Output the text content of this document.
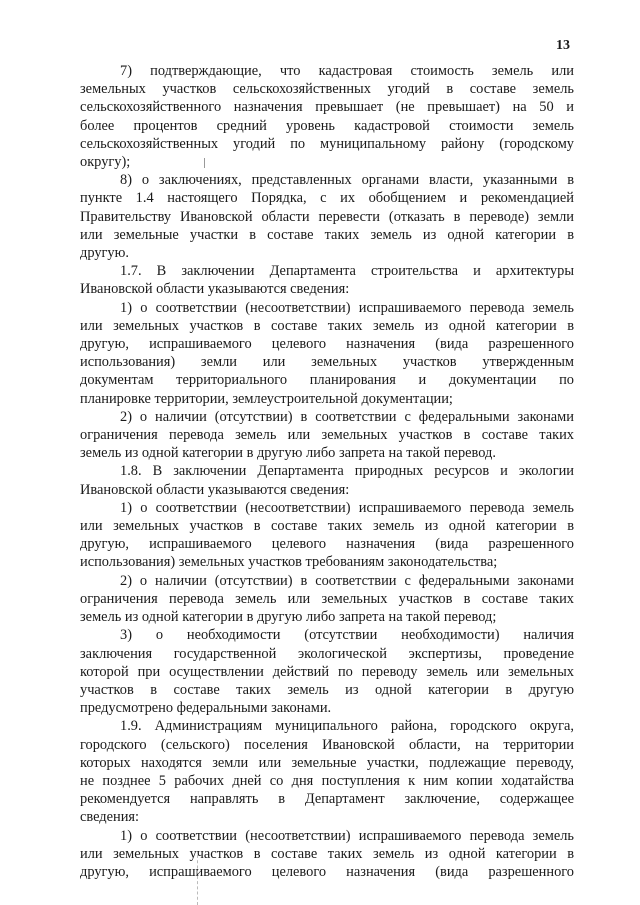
13

7) подтверждающие, что кадастровая стоимость земель или
земельных участков сельскохозяйственных угодий в составе земель
сельскохозяйственного назначения превышает (не превышает) на 50 и
более процентов средний уровень кадастровой стоимости земель
сельскохозяйственных угодий по муниципальному району (городскому
округу);

8) о заключениях, представленных органами власти, указанными в
пункте 1.4 настоящего Порядка, с их обобщением и рекомендацией
Правительству Ивановской области перевести (отказать в переводе) земли
или земельные участки в составе таких земель из одной категории в
другую.

1.7. В заключении Департамента строительства и архитектуры
Ивановской области указываются сведения:

1) о соответствии (несоответствии) испрашиваемого перевода земель
или земельных участков в составе таких земель из одной категории в
другую, испрашиваемого целевого назначения (вида разрешенного
использования) земли или земельных участков утвержденным
документам территориального планирования и документации по
планировке территории, землеустроительной документации;

2) о наличии (отсутствии) в соответствии с федеральными законами
ограничения перевода земель или земельных участков в составе таких
земель из одной категории в другую либо запрета на такой перевод.

1.8. В заключении Департамента природных ресурсов и экологии
Ивановской области указываются сведения:

1) о соответствии (несоответствии) испрашиваемого перевода земель
или земельных участков в составе таких земель из одной категории в
другую, испрашиваемого целевого назначения (вида разрешенного
использования) земельных участков требованиям законодательства;

2) о наличии (отсутствии) в соответствии с федеральными законами
ограничения перевода земель или земельных участков в составе таких
земель из одной категории в другую либо запрета на такой перевод;

3) о необходимости (отсутствии необходимости) наличия
заключения государственной экологической экспертизы, проведение
которой при осуществлении действий по переводу земель или земельных
участков в составе таких земель из одной категории в другую
предусмотрено федеральными законами.

1.9. Администрациям муниципального района, городского округа,
городского (сельского) поселения Ивановской области, на территории
которых находятся земли или земельные участки, подлежащие переводу,
не позднее 5 рабочих дней со дня поступления к ним копии ходатайства
рекомендуется направлять в Департамент заключение, содержащее
сведения:

1) о соответствии (несоответствии) испрашиваемого перевода земель
или земельных участков в составе таких земель из одной категории в
другую, испрашиваемого целевого назначения (вида разрешенного
